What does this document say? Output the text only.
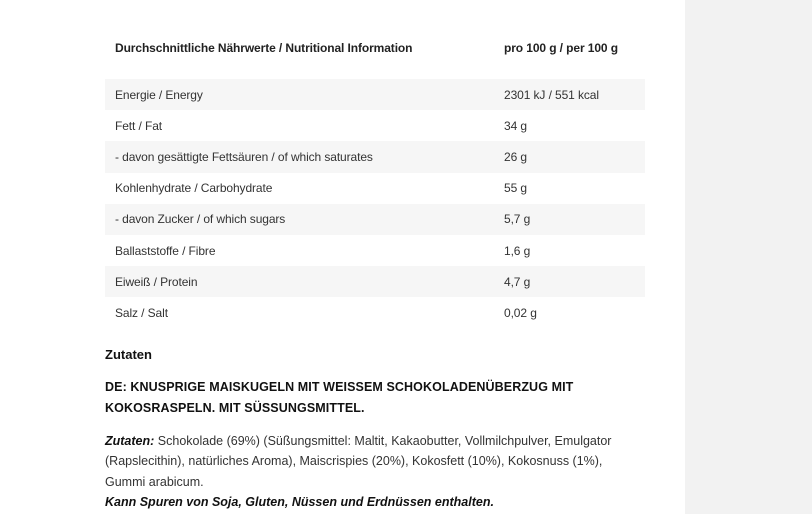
Durchschnittliche Nährwerte / Nutritional Information	pro 100 g / per 100 g

Energie / Energy	2301 kJ / 551 kcal
Fett / Fat	34 g
- davon gesättigte Fettsäuren / of which saturates	26 g
Kohlenhydrate / Carbohydrate	55 g
- davon Zucker / of which sugars	5,7 g
Ballaststoffe / Fibre	1,6 g
Eiweiß / Protein	4,7 g
Salz / Salt	0,02 g
Zutaten

DE: KNUSPRIGE MAISKUGELN MIT WEISSEM SCHOKOLADENÜBERZUG MIT KOKOSRASPELN. MIT SÜSSUNGSMITTEL.

Zutaten: Schokolade (69%) (Süßungsmittel: Maltit, Kakaobutter, Vollmilchpulver, Emulgator (Rapslecithin), natürliches Aroma), Maiscrispies (20%), Kokosfett (10%), Kokosnuss (1%), Gummi arabicum.

Kann Spuren von Soja, Gluten, Nüssen und Erdnüssen enthalten.
